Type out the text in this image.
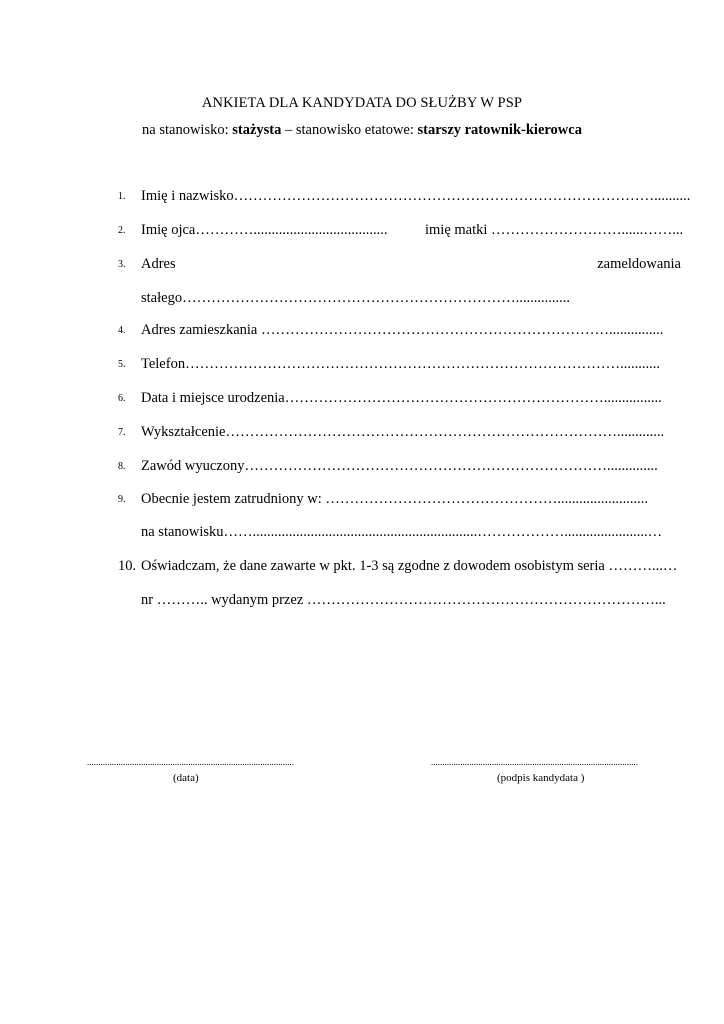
ANKIETA DLA KANDYDATA DO SŁUŻBY W PSP
na stanowisko: stażysta – stanowisko etatowe: starszy ratownik-kierowca
1. Imię i nazwisko……………………………………………………………………………..........
2. Imię ojca………….....................................	imię matki ………………………......……...
3. Adres	zameldowania
stałego……………………………………………………………...............
4. Adres zamieszkania ………………………………………………………………...............
5. Telefon………………………………………………………………………………...........
6. Data i miejsce urodzenia…………………………………………………………................
7. Wykształcenie……………………………………………………………………….............
8. Zawód wyuczony…………………………………………………………………..............
9. Obecnie jestem zatrudniony w: ………………………………………….........................
na stanowisku……..............................................................……………….......................…
10. Oświadczam, że dane zawarte w pkt. 1-3 są zgodne z dowodem osobistym seria ………...…
nr ……….. wydanym przez ………………………………………………………………...
............................................................................................
(data)
............................................................................................
(podpis kandydata )
